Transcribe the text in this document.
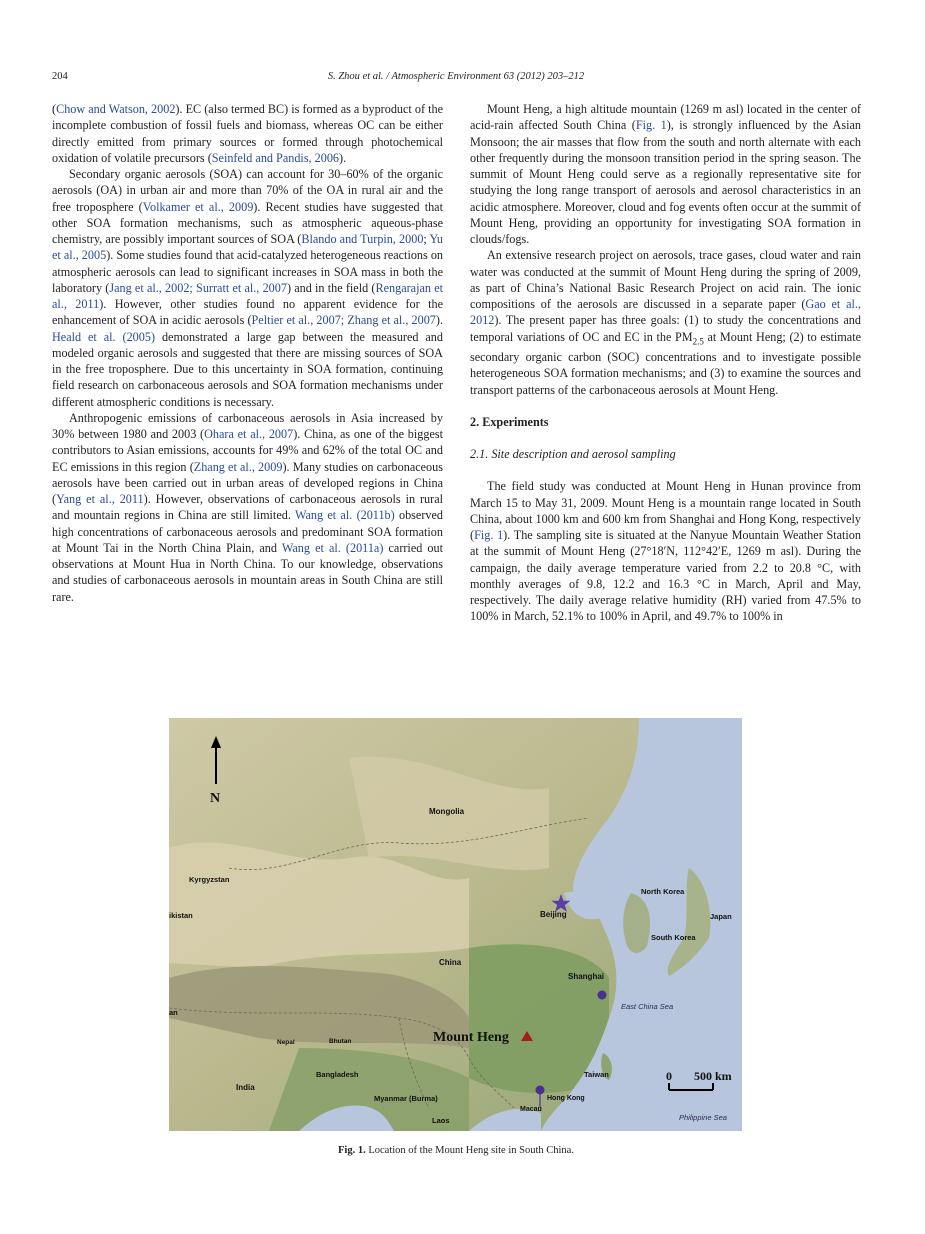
204	S. Zhou et al. / Atmospheric Environment 63 (2012) 203–212

(Chow and Watson, 2002). EC (also termed BC) is formed as a byproduct of the incomplete combustion of fossil fuels and biomass, whereas OC can be either directly emitted from primary sources or formed through photochemical oxidation of volatile precursors (Seinfeld and Pandis, 2006).

Secondary organic aerosols (SOA) can account for 30–60% of the organic aerosols (OA) in urban air and more than 70% of the OA in rural air and the free troposphere (Volkamer et al., 2009). Recent studies have suggested that other SOA formation mechanisms, such as atmospheric aqueous-phase chemistry, are possibly important sources of SOA (Blando and Turpin, 2000; Yu et al., 2005). Some studies found that acid-catalyzed heterogeneous reactions on atmospheric aerosols can lead to significant increases in SOA mass in both the laboratory (Jang et al., 2002; Surratt et al., 2007) and in the field (Rengarajan et al., 2011). However, other studies found no apparent evidence for the enhancement of SOA in acidic aerosols (Peltier et al., 2007; Zhang et al., 2007). Heald et al. (2005) demonstrated a large gap between the measured and modeled organic aerosols and suggested that there are missing sources of SOA in the free troposphere. Due to this uncertainty in SOA formation, continuing field research on carbonaceous aerosols and SOA formation mechanisms under different atmospheric conditions is necessary.

Anthropogenic emissions of carbonaceous aerosols in Asia increased by 30% between 1980 and 2003 (Ohara et al., 2007). China, as one of the biggest contributors to Asian emissions, accounts for 49% and 62% of the total OC and EC emissions in this region (Zhang et al., 2009). Many studies on carbonaceous aerosols have been carried out in urban areas of developed regions in China (Yang et al., 2011). However, observations of carbonaceous aerosols in rural and mountain regions in China are still limited. Wang et al. (2011b) observed high concentrations of carbonaceous aerosols and predominant SOA formation at Mount Tai in the North China Plain, and Wang et al. (2011a) carried out observations at Mount Hua in North China. To our knowledge, observations and studies of carbonaceous aerosols in mountain areas in South China are still rare.

Mount Heng, a high altitude mountain (1269 m asl) located in the center of acid-rain affected South China (Fig. 1), is strongly influenced by the Asian Monsoon; the air masses that flow from the south and north alternate with each other frequently during the monsoon transition period in the spring season. The summit of Mount Heng could serve as a regionally representative site for studying the long range transport of aerosols and aerosol characteristics in an acidic atmosphere. Moreover, cloud and fog events often occur at the summit of Mount Heng, providing an opportunity for investigating SOA formation in clouds/fogs.

An extensive research project on aerosols, trace gases, cloud water and rain water was conducted at the summit of Mount Heng during the spring of 2009, as part of China’s National Basic Research Project on acid rain. The ionic compositions of the aerosols are discussed in a separate paper (Gao et al., 2012). The present paper has three goals: (1) to study the concentrations and temporal variations of OC and EC in the $PM_{2.5}$ at Mount Heng; (2) to estimate secondary organic carbon (SOC) concentrations and to investigate possible heterogeneous SOA formation mechanisms; and (3) to examine the sources and transport patterns of the carbonaceous aerosols at Mount Heng.

2. Experiments
2.1. Site description and aerosol sampling

The field study was conducted at Mount Heng in Hunan province from March 15 to May 31, 2009. Mount Heng is a mountain range located in South China, about 1000 km and 600 km from Shanghai and Hong Kong, respectively (Fig. 1). The sampling site is situated at the Nanyue Mountain Weather Station at the summit of Mount Heng (27°18′N, 112°42′E, 1269 m asl). During the campaign, the daily average temperature varied from 2.2 to 20.8 °C, with monthly averages of 9.8, 12.2 and 16.3 °C in March, April and May, respectively. The daily average relative humidity (RH) varied from 47.5% to 100% in March, 52.1% to 100% in April, and 49.7% to 100% in

N
Mongolia
Kyrgyzstan
ikistan
China
Beijing
North Korea
Japan
South Korea
Shanghai
East China Sea
Mount Heng
Nepal	Bhutan
an
India
Bangladesh
Myanmar (Burma)
Laos
Taiwan
Hong Kong
Macau
Philippine Sea
0 500 km
Fig. 1. Location of the Mount Heng site in South China.
